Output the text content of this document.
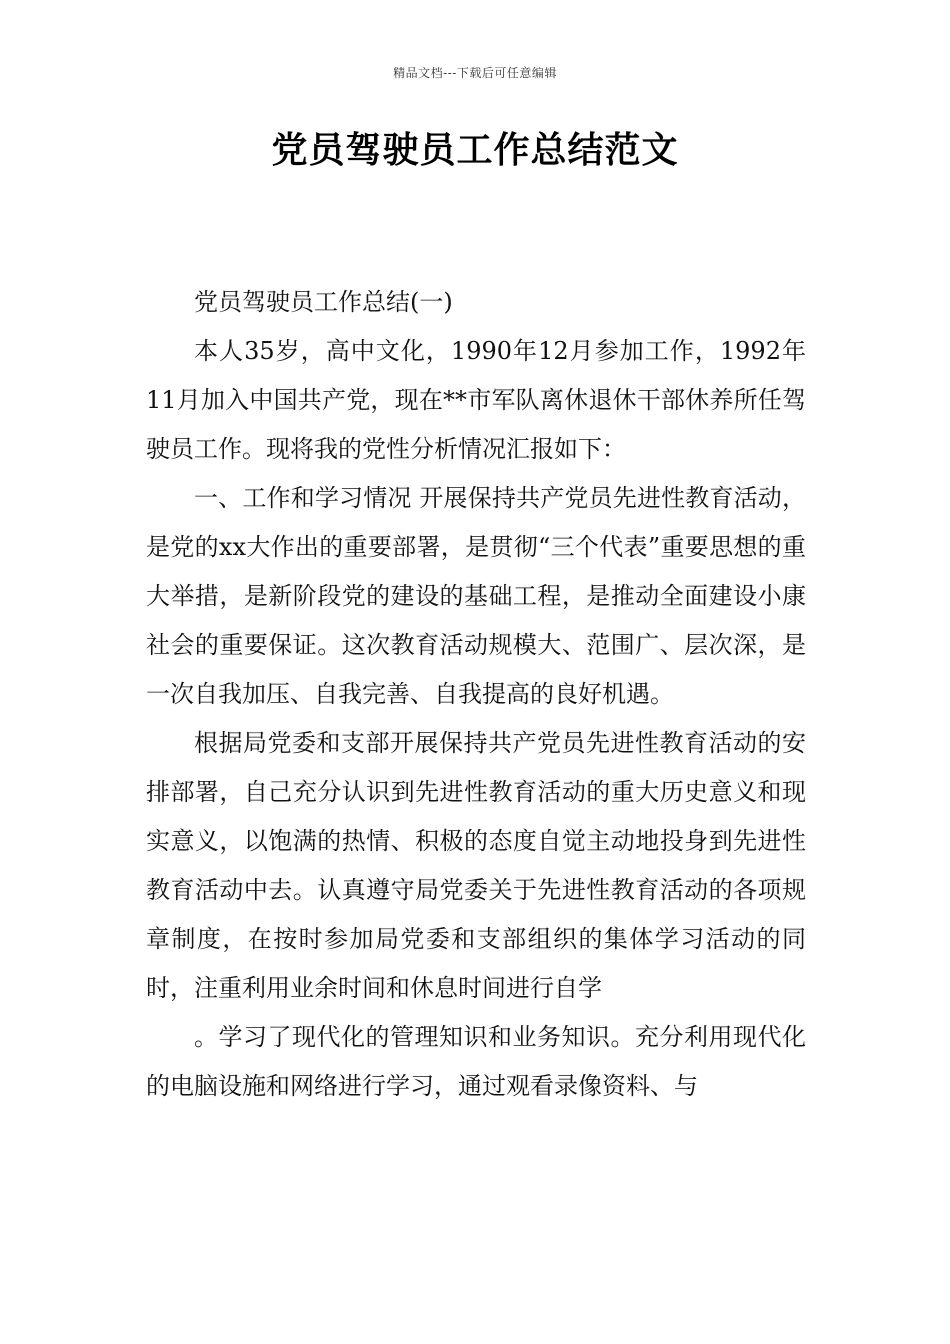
精品文档---下载后可任意编辑
党员驾驶员工作总结范文

党员驾驶员工作总结(一)

本人35岁，高中文化，1990年12月参加工作，1992年11月加入中国共产党，现在**市军队离休退休干部休养所任驾驶员工作。现将我的党性分析情况汇报如下：

一、工作和学习情况 开展保持共产党员先进性教育活动，是党的xx大作出的重要部署，是贯彻“三个代表”重要思想的重大举措，是新阶段党的建设的基础工程，是推动全面建设小康社会的重要保证。这次教育活动规模大、范围广、层次深，是一次自我加压、自我完善、自我提高的良好机遇。

根据局党委和支部开展保持共产党员先进性教育活动的安排部署，自己充分认识到先进性教育活动的重大历史意义和现实意义，以饱满的热情、积极的态度自觉主动地投身到先进性教育活动中去。认真遵守局党委关于先进性教育活动的各项规章制度，在按时参加局党委和支部组织的集体学习活动的同时，注重利用业余时间和休息时间进行自学

。学习了现代化的管理知识和业务知识。充分利用现代化的电脑设施和网络进行学习，通过观看录像资料、与
